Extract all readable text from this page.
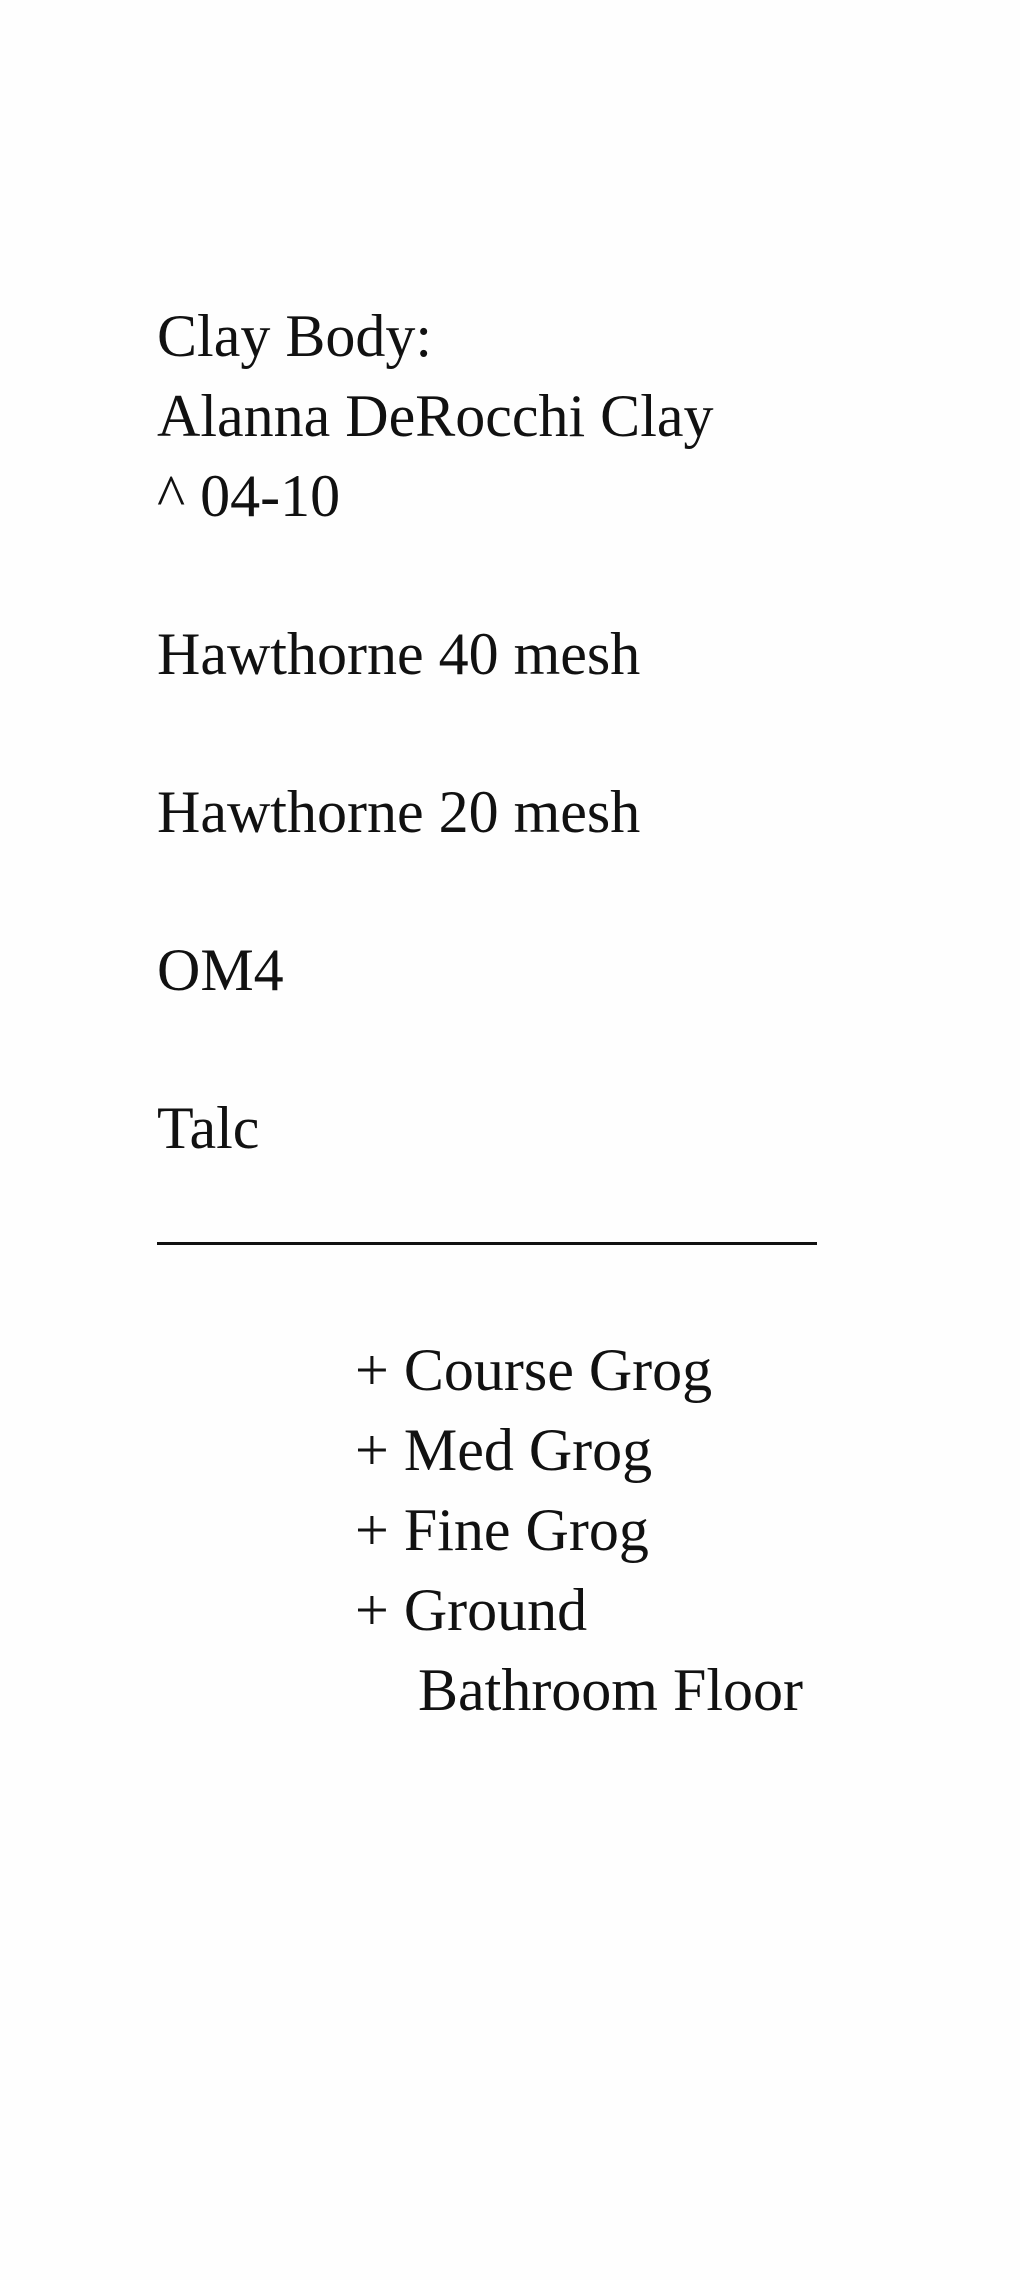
Clay Body:
Alanna DeRocchi Clay
^ 04-10
Hawthorne 40 mesh
Hawthorne 20 mesh
OM4
Talc
+ Course Grog
+ Med Grog
+ Fine Grog
+ Ground
Bathroom Floor
